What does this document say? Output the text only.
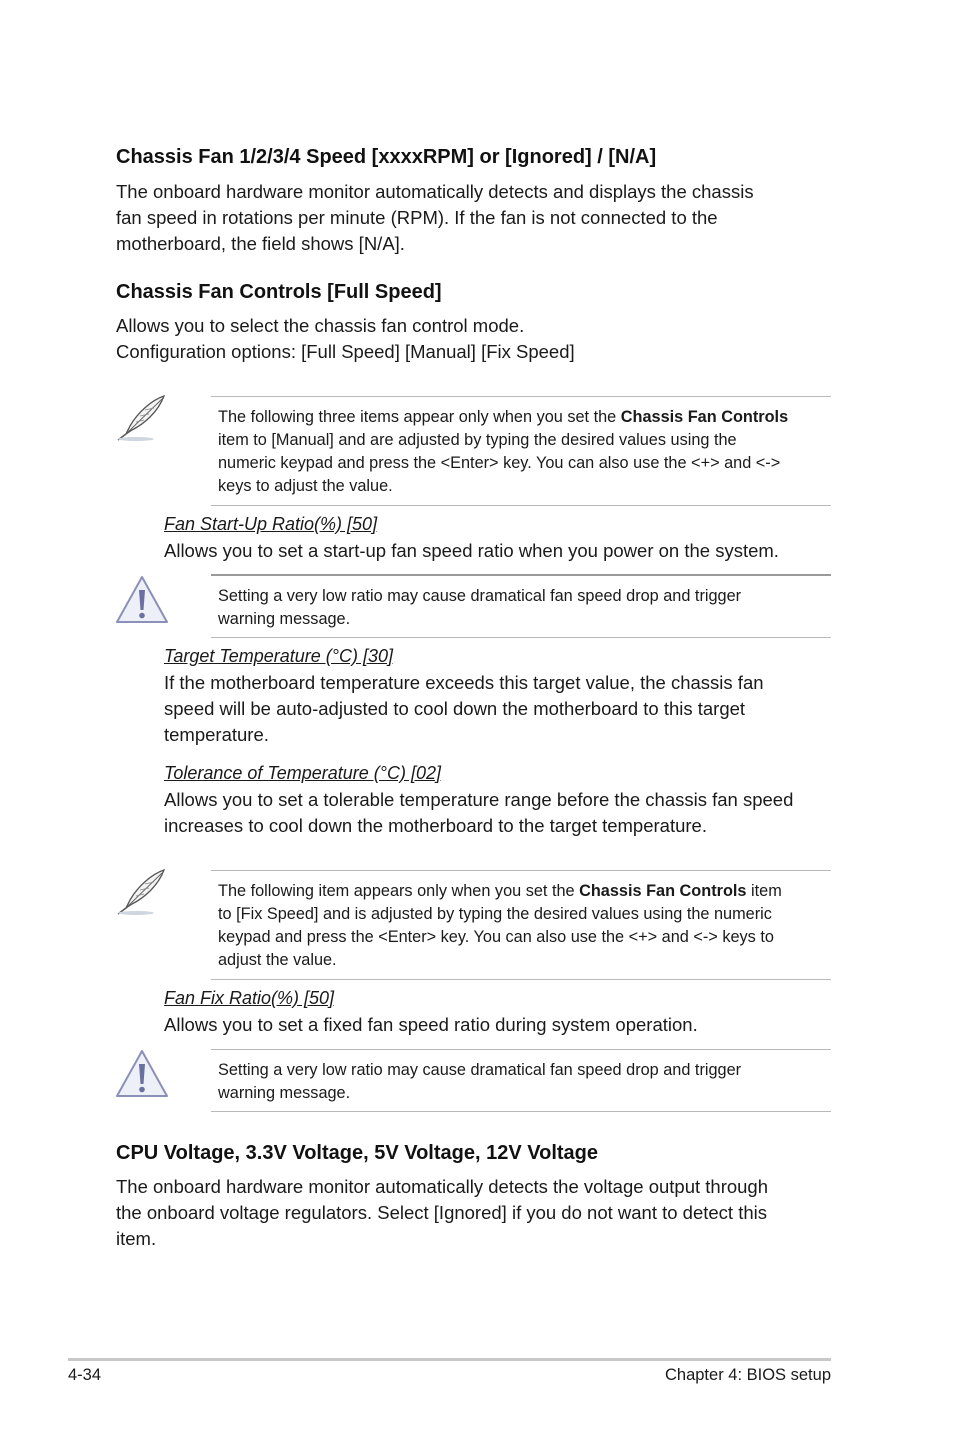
Chassis Fan 1/2/3/4 Speed [xxxxRPM] or [Ignored] / [N/A]

The onboard hardware monitor automatically detects and displays the chassis

fan speed in rotations per minute (RPM). If the fan is not connected to the

motherboard, the field shows [N/A].

Chassis Fan Controls [Full Speed]

Allows you to select the chassis fan control mode.

Configuration options: [Full Speed] [Manual] [Fix Speed]

The following three items appear only when you set the Chassis Fan Controls

item to [Manual] and are adjusted by typing the desired values using the

numeric keypad and press the <Enter> key. You can also use the <+> and <->

keys to adjust the value.

Fan Start-Up Ratio(%) [50]

Allows you to set a start-up fan speed ratio when you power on the system.

Setting a very low ratio may cause dramatical fan speed drop and trigger

warning message.

Target Temperature (°C) [30]

If the motherboard temperature exceeds this target value, the chassis fan

speed will be auto-adjusted to cool down the motherboard to this target

temperature.

Tolerance of Temperature (°C) [02]

Allows you to set a tolerable temperature range before the chassis fan speed

increases to cool down the motherboard to the target temperature.

The following item appears only when you set the Chassis Fan Controls item

to [Fix Speed] and is adjusted by typing the desired values using the numeric

keypad and press the <Enter> key. You can also use the <+> and <-> keys to

adjust the value.

Fan Fix Ratio(%) [50]

Allows you to set a fixed fan speed ratio during system operation.

Setting a very low ratio may cause dramatical fan speed drop and trigger

warning message.

CPU Voltage, 3.3V Voltage, 5V Voltage, 12V Voltage

The onboard hardware monitor automatically detects the voltage output through

the onboard voltage regulators. Select [Ignored] if you do not want to detect this

item.

4-34	Chapter 4: BIOS setup
